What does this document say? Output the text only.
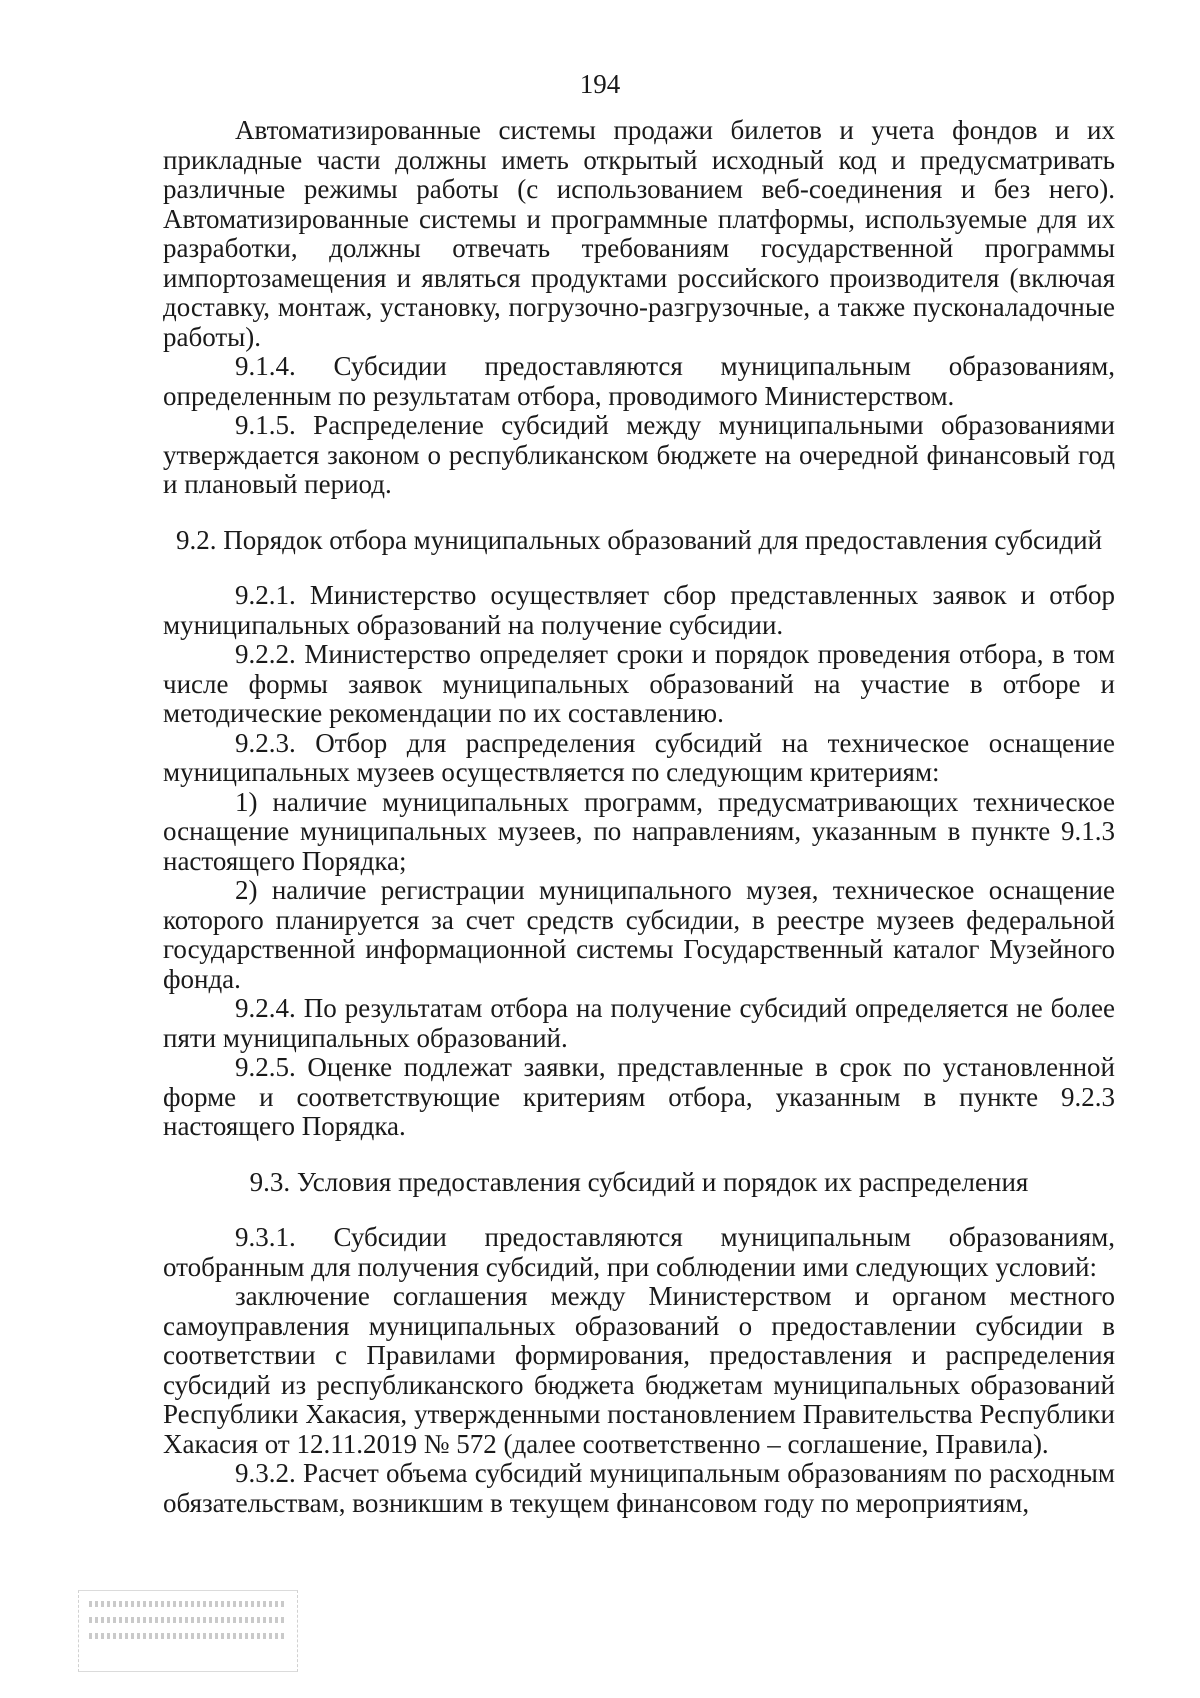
194

Автоматизированные системы продажи билетов и учета фондов и их прикладные части должны иметь открытый исходный код и предусматривать различные режимы работы (с использованием веб-соединения и без него). Автоматизированные системы и программные платформы, используемые для их разработки, должны отвечать требованиям государственной программы импортозамещения и являться продуктами российского производителя (включая доставку, монтаж, установку, погрузочно-разгрузочные, а также пусконаладочные работы).

9.1.4. Субсидии предоставляются муниципальным образованиям, определенным по результатам отбора, проводимого Министерством.

9.1.5. Распределение субсидий между муниципальными образованиями утверждается законом о республиканском бюджете на очередной финансовый год и плановый период.

9.2. Порядок отбора муниципальных образований для предоставления субсидий

9.2.1. Министерство осуществляет сбор представленных заявок и отбор муниципальных образований на получение субсидии.

9.2.2. Министерство определяет сроки и порядок проведения отбора, в том числе формы заявок муниципальных образований на участие в отборе и методические рекомендации по их составлению.

9.2.3. Отбор для распределения субсидий на техническое оснащение муниципальных музеев осуществляется по следующим критериям:

1) наличие муниципальных программ, предусматривающих техническое оснащение муниципальных музеев, по направлениям, указанным в пункте 9.1.3 настоящего Порядка;

2) наличие регистрации муниципального музея, техническое оснащение которого планируется за счет средств субсидии, в реестре музеев федеральной государственной информационной системы Государственный каталог Музейного фонда.

9.2.4. По результатам отбора на получение субсидий определяется не более пяти муниципальных образований.

9.2.5. Оценке подлежат заявки, представленные в срок по установленной форме и соответствующие критериям отбора, указанным в пункте 9.2.3 настоящего Порядка.

9.3. Условия предоставления субсидий и порядок их распределения

9.3.1. Субсидии предоставляются муниципальным образованиям, отобранным для получения субсидий, при соблюдении ими следующих условий:

заключение соглашения между Министерством и органом местного самоуправления муниципальных образований о предоставлении субсидии в соответствии с Правилами формирования, предоставления и распределения субсидий из республиканского бюджета бюджетам муниципальных образований Республики Хакасия, утвержденными постановлением Правительства Республики Хакасия от 12.11.2019 № 572 (далее соответственно – соглашение, Правила).

9.3.2. Расчет объема субсидий муниципальным образованиям по расходным обязательствам, возникшим в текущем финансовом году по мероприятиям,
